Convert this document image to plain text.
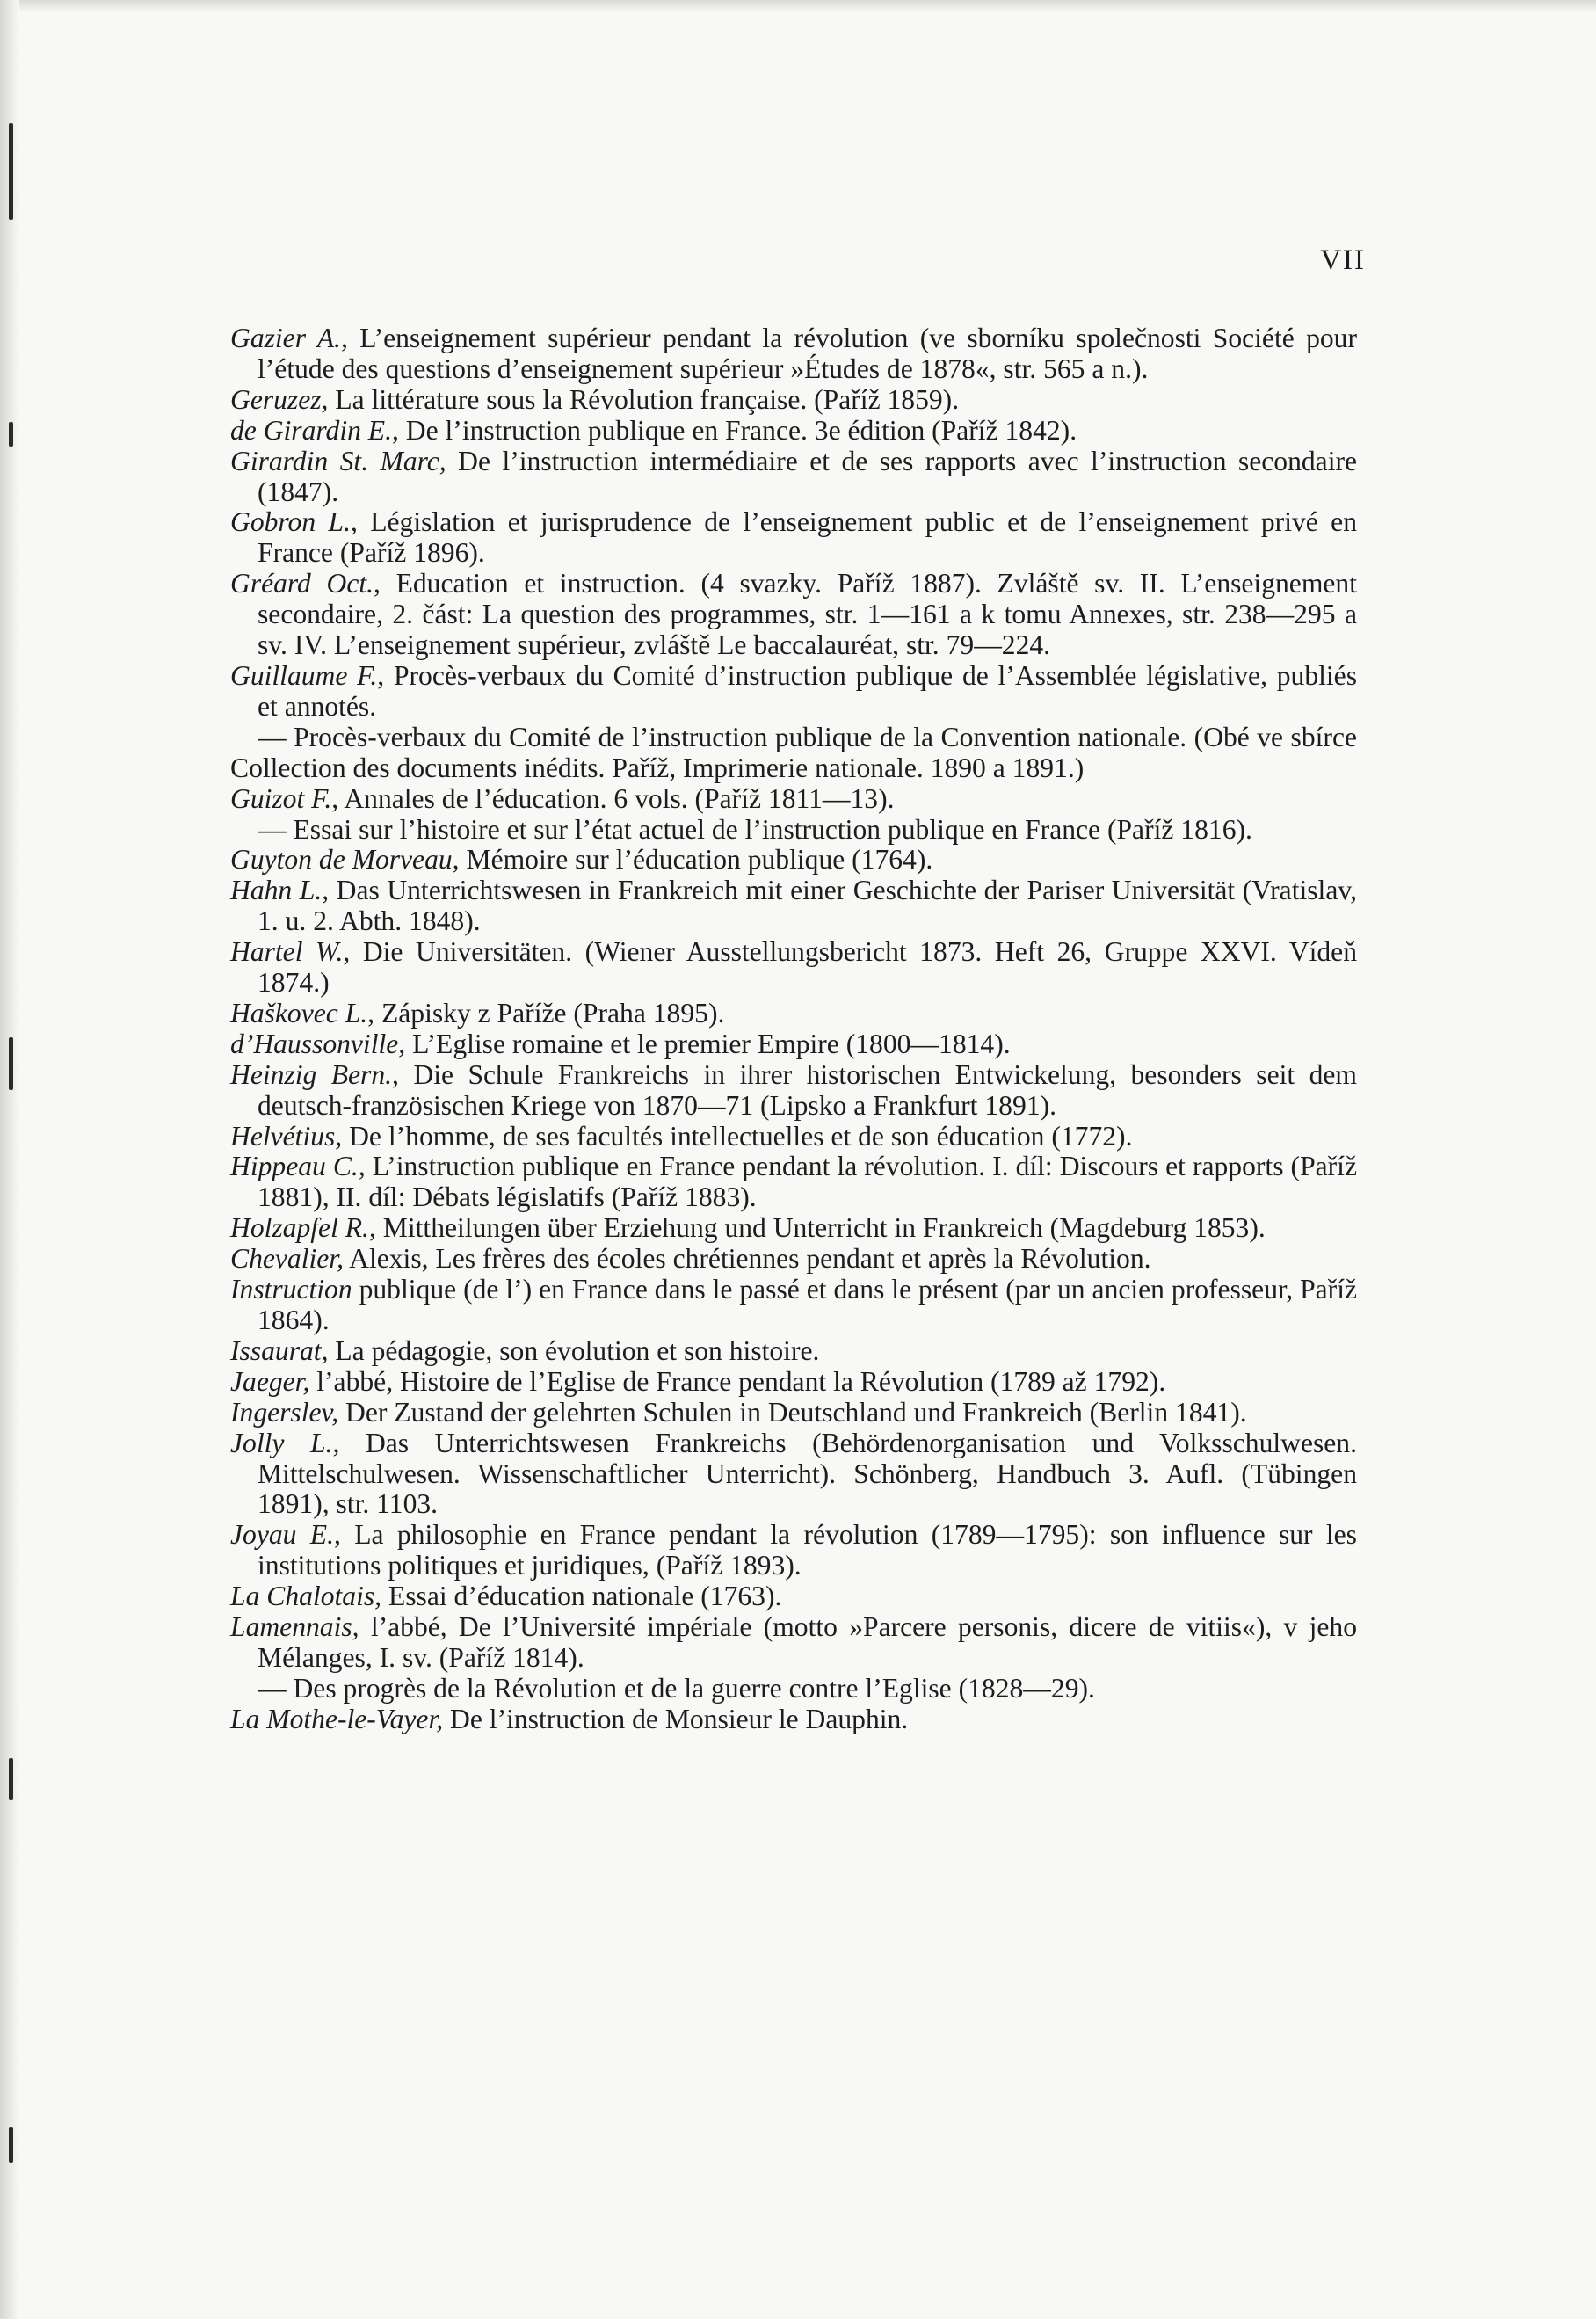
VII

Gazier A., L’enseignement supérieur pendant la révolution (ve sborníku společnosti Société pour l’étude des questions d’enseignement supérieur »Études de 1878«, str. 565 a n.).

Geruzez, La littérature sous la Révolution française. (Paříž 1859).

de Girardin E., De l’instruction publique en France. 3e édition (Paříž 1842).

Girardin St. Marc, De l’instruction intermédiaire et de ses rapports avec l’instruction secondaire (1847).

Gobron L., Législation et jurisprudence de l’enseignement public et de l’enseignement privé en France (Paříž 1896).

Gréard Oct., Education et instruction. (4 svazky. Paříž 1887). Zvláště sv. II. L’enseignement secondaire, 2. část: La question des programmes, str. 1—161 a k tomu Annexes, str. 238—295 a sv. IV. L’enseignement supérieur, zvláště Le baccalauréat, str. 79—224.

Guillaume F., Procès-verbaux du Comité d’instruction publique de l’Assemblée législative, publiés et annotés.

— Procès-verbaux du Comité de l’instruction publique de la Convention nationale. (Obé ve sbírce Collection des documents inédits. Paříž, Imprimerie nationale. 1890 a 1891.)

Guizot F., Annales de l’éducation. 6 vols. (Paříž 1811—13).

— Essai sur l’histoire et sur l’état actuel de l’instruction publique en France (Paříž 1816).

Guyton de Morveau, Mémoire sur l’éducation publique (1764).

Hahn L., Das Unterrichtswesen in Frankreich mit einer Geschichte der Pariser Universität (Vratislav, 1. u. 2. Abth. 1848).

Hartel W., Die Universitäten. (Wiener Ausstellungsbericht 1873. Heft 26, Gruppe XXVI. Vídeň 1874.)

Haškovec L., Zápisky z Paříže (Praha 1895).

d’Haussonville, L’Eglise romaine et le premier Empire (1800—1814).

Heinzig Bern., Die Schule Frankreichs in ihrer historischen Entwickelung, besonders seit dem deutsch-französischen Kriege von 1870—71 (Lipsko a Frankfurt 1891).

Helvétius, De l’homme, de ses facultés intellectuelles et de son éducation (1772).

Hippeau C., L’instruction publique en France pendant la révolution. I. díl: Discours et rapports (Paříž 1881), II. díl: Débats législatifs (Paříž 1883).

Holzapfel R., Mittheilungen über Erziehung und Unterricht in Frankreich (Magdeburg 1853).

Chevalier, Alexis, Les frères des écoles chrétiennes pendant et après la Révolution.

Instruction publique (de l’) en France dans le passé et dans le présent (par un ancien professeur, Paříž 1864).

Issaurat, La pédagogie, son évolution et son histoire.

Jaeger, l’abbé, Histoire de l’Eglise de France pendant la Révolution (1789 až 1792).

Ingerslev, Der Zustand der gelehrten Schulen in Deutschland und Frankreich (Berlin 1841).

Jolly L., Das Unterrichtswesen Frankreichs (Behördenorganisation und Volksschulwesen. Mittelschulwesen. Wissenschaftlicher Unterricht). Schönberg, Handbuch 3. Aufl. (Tübingen 1891), str. 1103.

Joyau E., La philosophie en France pendant la révolution (1789—1795): son influence sur les institutions politiques et juridiques, (Paříž 1893).

La Chalotais, Essai d’éducation nationale (1763).

Lamennais, l’abbé, De l’Université impériale (motto »Parcere personis, dicere de vitiis«), v jeho Mélanges, I. sv. (Paříž 1814).

— Des progrès de la Révolution et de la guerre contre l’Eglise (1828—29).

La Mothe-le-Vayer, De l’instruction de Monsieur le Dauphin.
